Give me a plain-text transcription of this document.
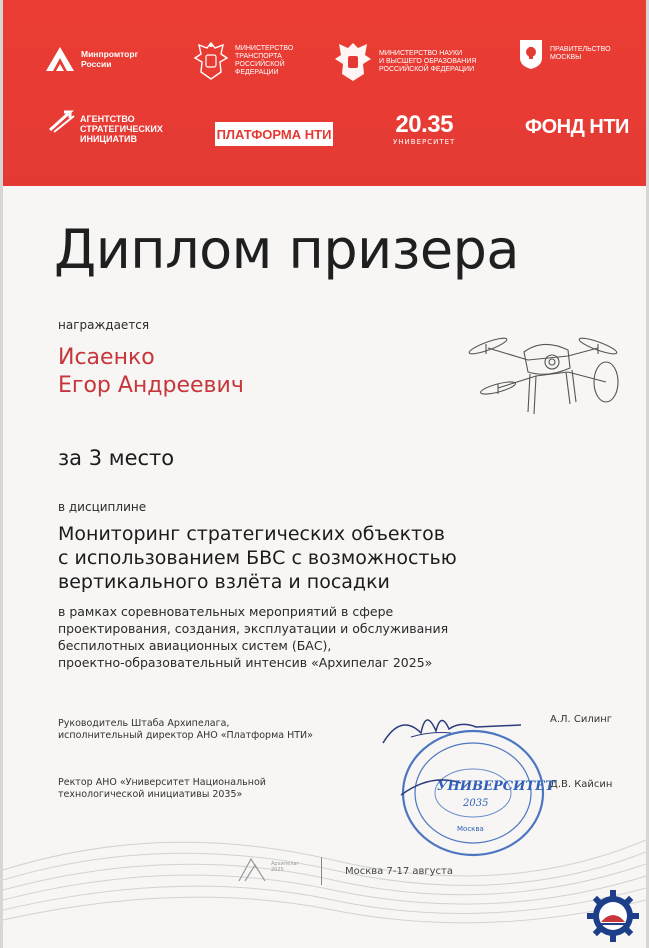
Минпромторг
России
МИНИСТЕРСТВО
ТРАНСПОРТА
РОССИЙСКОЙ
ФЕДЕРАЦИИ
МИНИСТЕРСТВО НАУКИ
И ВЫСШЕГО ОБРАЗОВАНИЯ
РОССИЙСКОЙ ФЕДЕРАЦИИ
ПРАВИТЕЛЬСТВО
МОСКВЫ
АГЕНТСТВО
СТРАТЕГИЧЕСКИХ
ИНИЦИАТИВ	ПЛАТФОРМА НТИ	20.35
УНИВЕРСИТЕТ
ФОНД НТИ
Диплом призера
награждается
Исаенко
Егор Андреевич
за 3 место
в дисциплине
Мониторинг стратегических объектов
с использованием БВС с возможностью
вертикального взлёта и посадки
в рамках соревновательных мероприятий в сфере
проектирования, создания, эксплуатации и обслуживания
беспилотных авиационных систем (БАС),
проектно-образовательный интенсив «Архипелаг 2025»
Руководитель Штаба Архипелага,
исполнительный директор АНО «Платформа НТИ»
А.Л. Силинг
Ректор АНО «Университет Национальной
технологической инициативы 2035»
Д.В. Кайсин
УНИВЕРСИТЕТ
2035
Москва
Архипелаг
2025	Москва 7-17 августа
